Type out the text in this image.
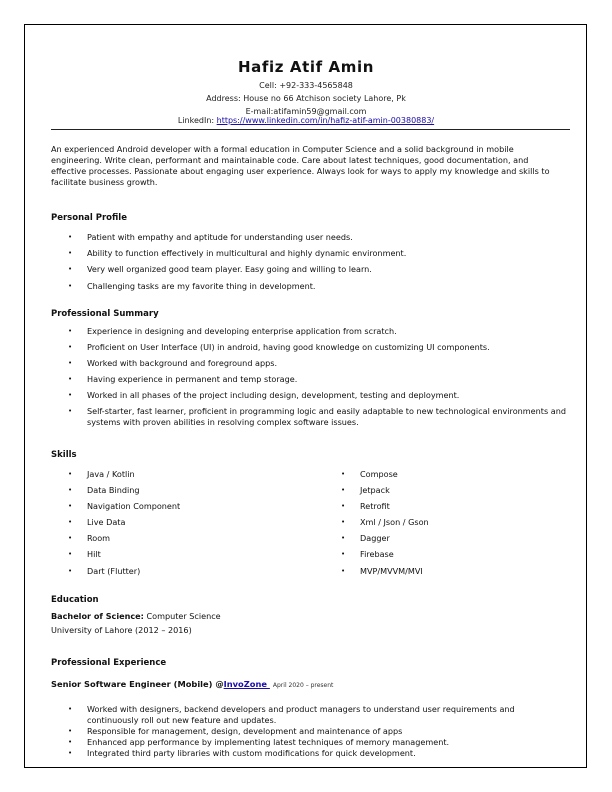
Hafiz Atif Amin
Cell: +92-333-4565848
Address: House no 66 Atchison society Lahore, Pk
E-mail:atifamin59@gmail.com
LinkedIn: https://www.linkedin.com/in/hafiz-atif-amin-00380883/
An experienced Android developer with a formal education in Computer Science and a solid background in mobile engineering. Write clean, performant and maintainable code. Care about latest techniques, good documentation, and effective processes. Passionate about engaging user experience. Always look for ways to apply my knowledge and skills to facilitate business growth.
Personal Profile
• Patient with empathy and aptitude for understanding user needs.
• Ability to function effectively in multicultural and highly dynamic environment.
• Very well organized good team player. Easy going and willing to learn.
• Challenging tasks are my favorite thing in development.
Professional Summary
• Experience in designing and developing enterprise application from scratch.
• Proficient on User Interface (UI) in android, having good knowledge on customizing UI components.
• Worked with background and foreground apps.
• Having experience in permanent and temp storage.
• Worked in all phases of the project including design, development, testing and deployment.
• Self-starter, fast learner, proficient in programming logic and easily adaptable to new technological environments and systems with proven abilities in resolving complex software issues.
Skills
• Java / Kotlin
• Data Binding
• Navigation Component
• Live Data
• Room
• Hilt
• Dart (Flutter)
• Compose
• Jetpack
• Retrofit
• Xml / Json / Gson
• Dagger
• Firebase
• MVP/MVVM/MVI
Education
Bachelor of Science: Computer Science
University of Lahore (2012 – 2016)
Professional Experience
Senior Software Engineer (Mobile) @InvoZone April 2020 – present
• Worked with designers, backend developers and product managers to understand user requirements and continuously roll out new feature and updates.
• Responsible for management, design, development and maintenance of apps
• Enhanced app performance by implementing latest techniques of memory management.
• Integrated third party libraries with custom modifications for quick development.
